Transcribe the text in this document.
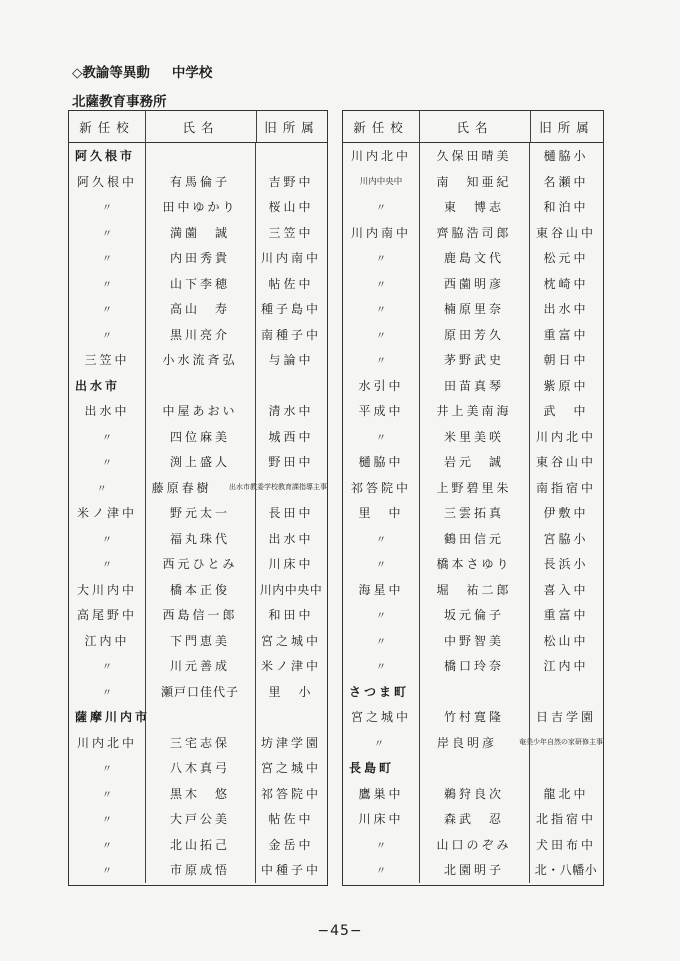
◇教諭等異動 中学校
北薩教育事務所
新任校	氏名	旧所属
阿久根市
阿久根中	有馬倫子	吉野中
〃	田中ゆかり	桜山中
〃	満薗　誠	三笠中
〃	内田秀貴	川内南中
〃	山下李穂	帖佐中
〃	高山　寿	種子島中
〃	黒川亮介	南種子中
三笠中	小水流斉弘	与論中
出水市
出水中	中屋あおい	清水中
〃	四位麻美	城西中
〃	渕上盛人	野田中
〃	藤原春樹	出水市教委学校教育課指導主事
米ノ津中	野元太一	長田中
〃	福丸珠代	出水中
〃	西元ひとみ	川床中
大川内中	橋本正俊	川内中央中
高尾野中	西島信一郎	和田中
江内中	下門恵美	宮之城中
〃	川元善成	米ノ津中
〃	瀬戸口佳代子	里　小
薩摩川内市
川内北中	三宅志保	坊津学園
〃	八木真弓	宮之城中
〃	黒木　悠	祁答院中
〃	大戸公美	帖佐中
〃	北山拓己	金岳中
〃	市原成悟	中種子中
新任校	氏名	旧所属
川内北中	久保田晴美	樋脇小
川内中央中	南　知亜紀	名瀬中
〃	東　博志	和泊中
川内南中	齊脇浩司郎	東谷山中
〃	鹿島文代	松元中
〃	西薗明彦	枕崎中
〃	楠原里奈	出水中
〃	原田芳久	重富中
〃	茅野武史	朝日中
水引中	田苗真琴	紫原中
平成中	井上美南海	武　中
〃	米里美咲	川内北中
樋脇中	岩元　誠	東谷山中
祁答院中	上野碧里朱	南指宿中
里　中	三雲拓真	伊敷中
〃	鶴田信元	宮脇小
〃	橋本さゆり	長浜小
海星中	堀　祐二郎	喜入中
〃	坂元倫子	重富中
〃	中野智美	松山中
〃	橋口玲奈	江内中
さつま町
宮之城中	竹村寛隆	日吉学園
〃	岸良明彦	奄美少年自然の家研修主事
長島町
鷹巣中	鵜狩良次	龍北中
川床中	森武　忍	北指宿中
〃	山口のぞみ	犬田布中
〃	北園明子	北・八幡小
−45−
